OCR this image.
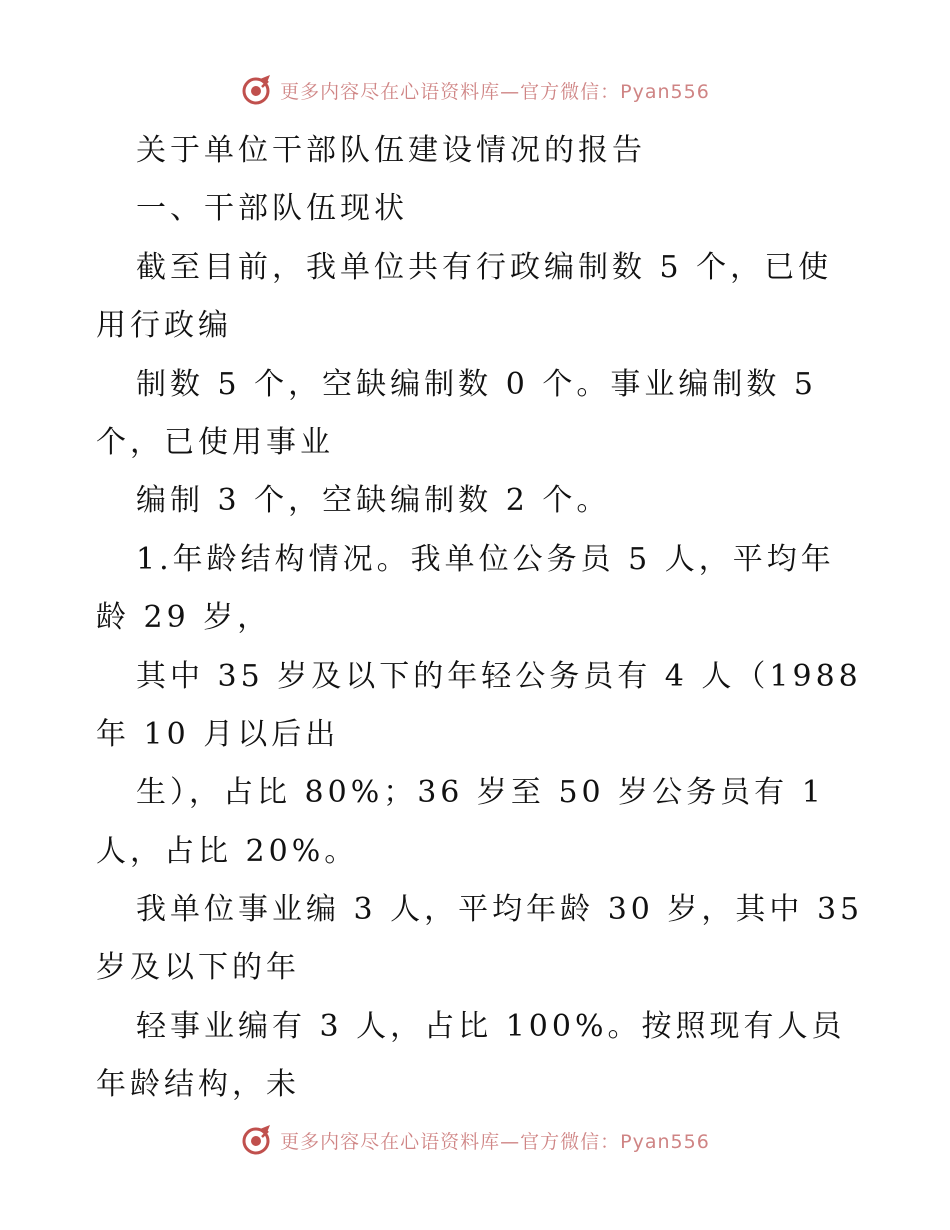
更多内容尽在心语资料库—官方微信：Pyan556
关于单位干部队伍建设情况的报告
一、干部队伍现状
截至目前，我单位共有行政编制数 5 个，已使
用行政编
制数 5 个，空缺编制数 0 个。事业编制数 5
个，已使用事业
编制 3 个，空缺编制数 2 个。
1.年龄结构情况。我单位公务员 5 人，平均年
龄 29 岁，
其中 35 岁及以下的年轻公务员有 4 人（1988
年 10 月以后出
生），占比 80%；36 岁至 50 岁公务员有 1
人，占比 20%。
我单位事业编 3 人，平均年龄 30 岁，其中 35
岁及以下的年
轻事业编有 3 人，占比 100%。按照现有人员
年龄结构，未
更多内容尽在心语资料库—官方微信：Pyan556
